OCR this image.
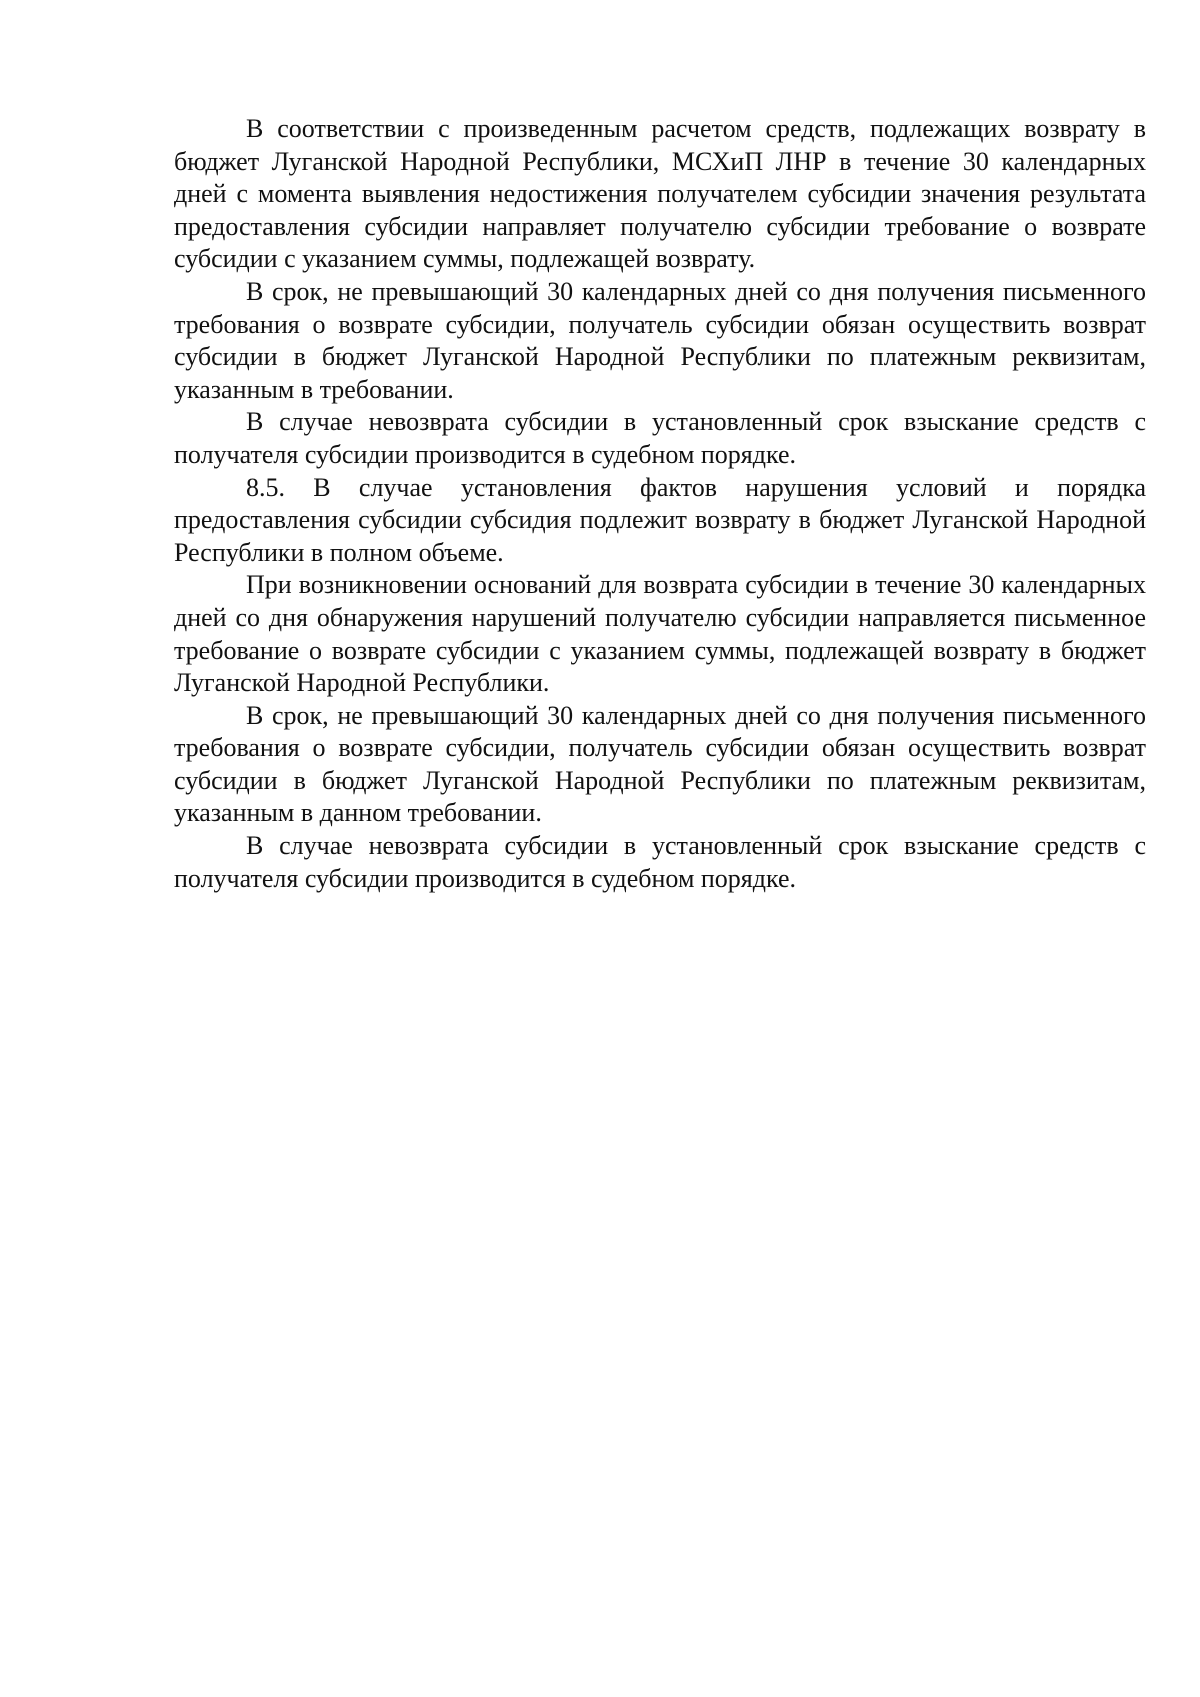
В соответствии с произведенным расчетом средств, подлежащих возврату в бюджет Луганской Народной Республики, МСХиП ЛНР в течение 30 календарных дней с момента выявления недостижения получателем субсидии значения результата предоставления субсидии направляет получателю субсидии требование о возврате субсидии с указанием суммы, подлежащей возврату.

В срок, не превышающий 30 календарных дней со дня получения письменного требования о возврате субсидии, получатель субсидии обязан осуществить возврат субсидии в бюджет Луганской Народной Республики по платежным реквизитам, указанным в требовании.

В случае невозврата субсидии в установленный срок взыскание средств с получателя субсидии производится в судебном порядке.

8.5. В случае установления фактов нарушения условий и порядка предоставления субсидии субсидия подлежит возврату в бюджет Луганской Народной Республики в полном объеме.

При возникновении оснований для возврата субсидии в течение 30 календарных дней со дня обнаружения нарушений получателю субсидии направляется письменное требование о возврате субсидии с указанием суммы, подлежащей возврату в бюджет Луганской Народной Республики.

В срок, не превышающий 30 календарных дней со дня получения письменного требования о возврате субсидии, получатель субсидии обязан осуществить возврат субсидии в бюджет Луганской Народной Республики по платежным реквизитам, указанным в данном требовании.

В случае невозврата субсидии в установленный срок взыскание средств с получателя субсидии производится в судебном порядке.
